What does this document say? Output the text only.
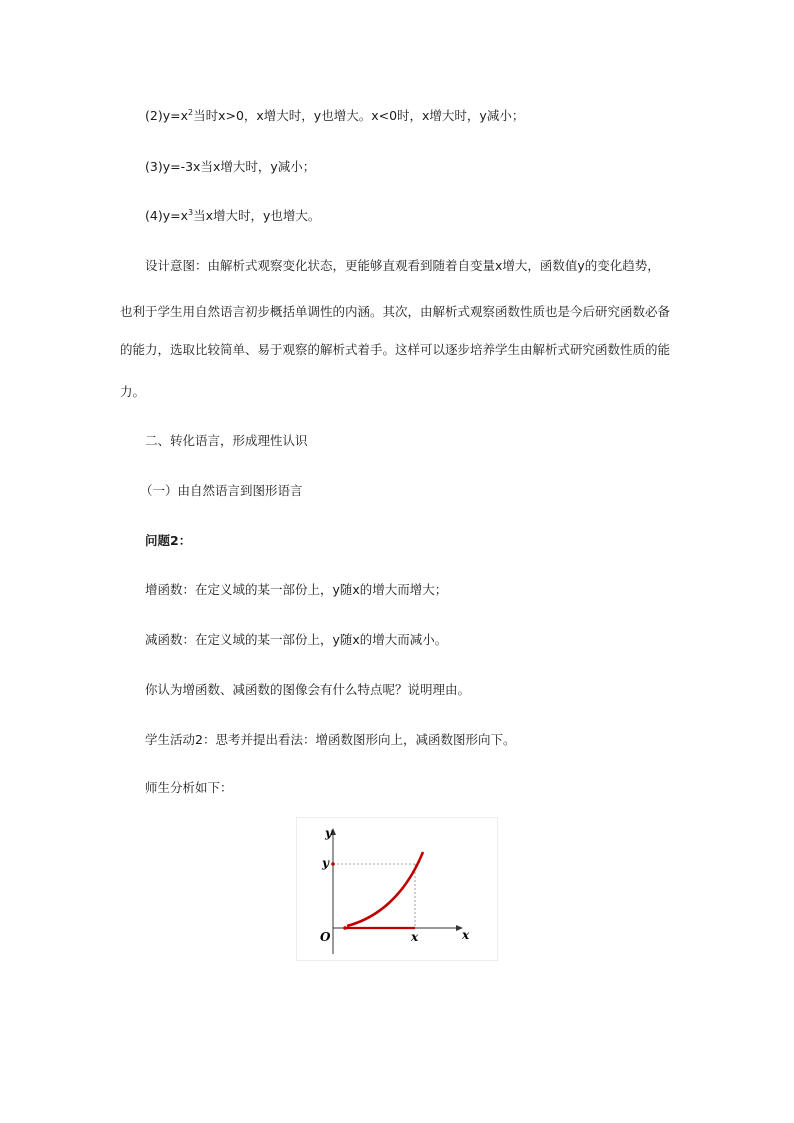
$(2)y=x^2$当时x>0，x增大时，y也增大。x<0时，x增大时，y减小；
(3)y=-3x当x增大时，y减小；
$(4)y=x^3$当x增大时，y也增大。
设计意图：由解析式观察变化状态，更能够直观看到随着自变量x增大，函数值y的变化趋势，
也利于学生用自然语言初步概括单调性的内涵。其次，由解析式观察函数性质也是今后研究函数必备
的能力，选取比较简单、易于观察的解析式着手。这样可以逐步培养学生由解析式研究函数性质的能
力。
二、转化语言，形成理性认识
（一）由自然语言到图形语言
问题2：
增函数：在定义域的某一部份上，y随x的增大而增大；
减函数：在定义域的某一部份上，y随x的增大而减小。
你认为增函数、减函数的图像会有什么特点呢？说明理由。
学生活动2：思考并提出看法：增函数图形向上，减函数图形向下。
师生分析如下：
y
y
O	x	x
